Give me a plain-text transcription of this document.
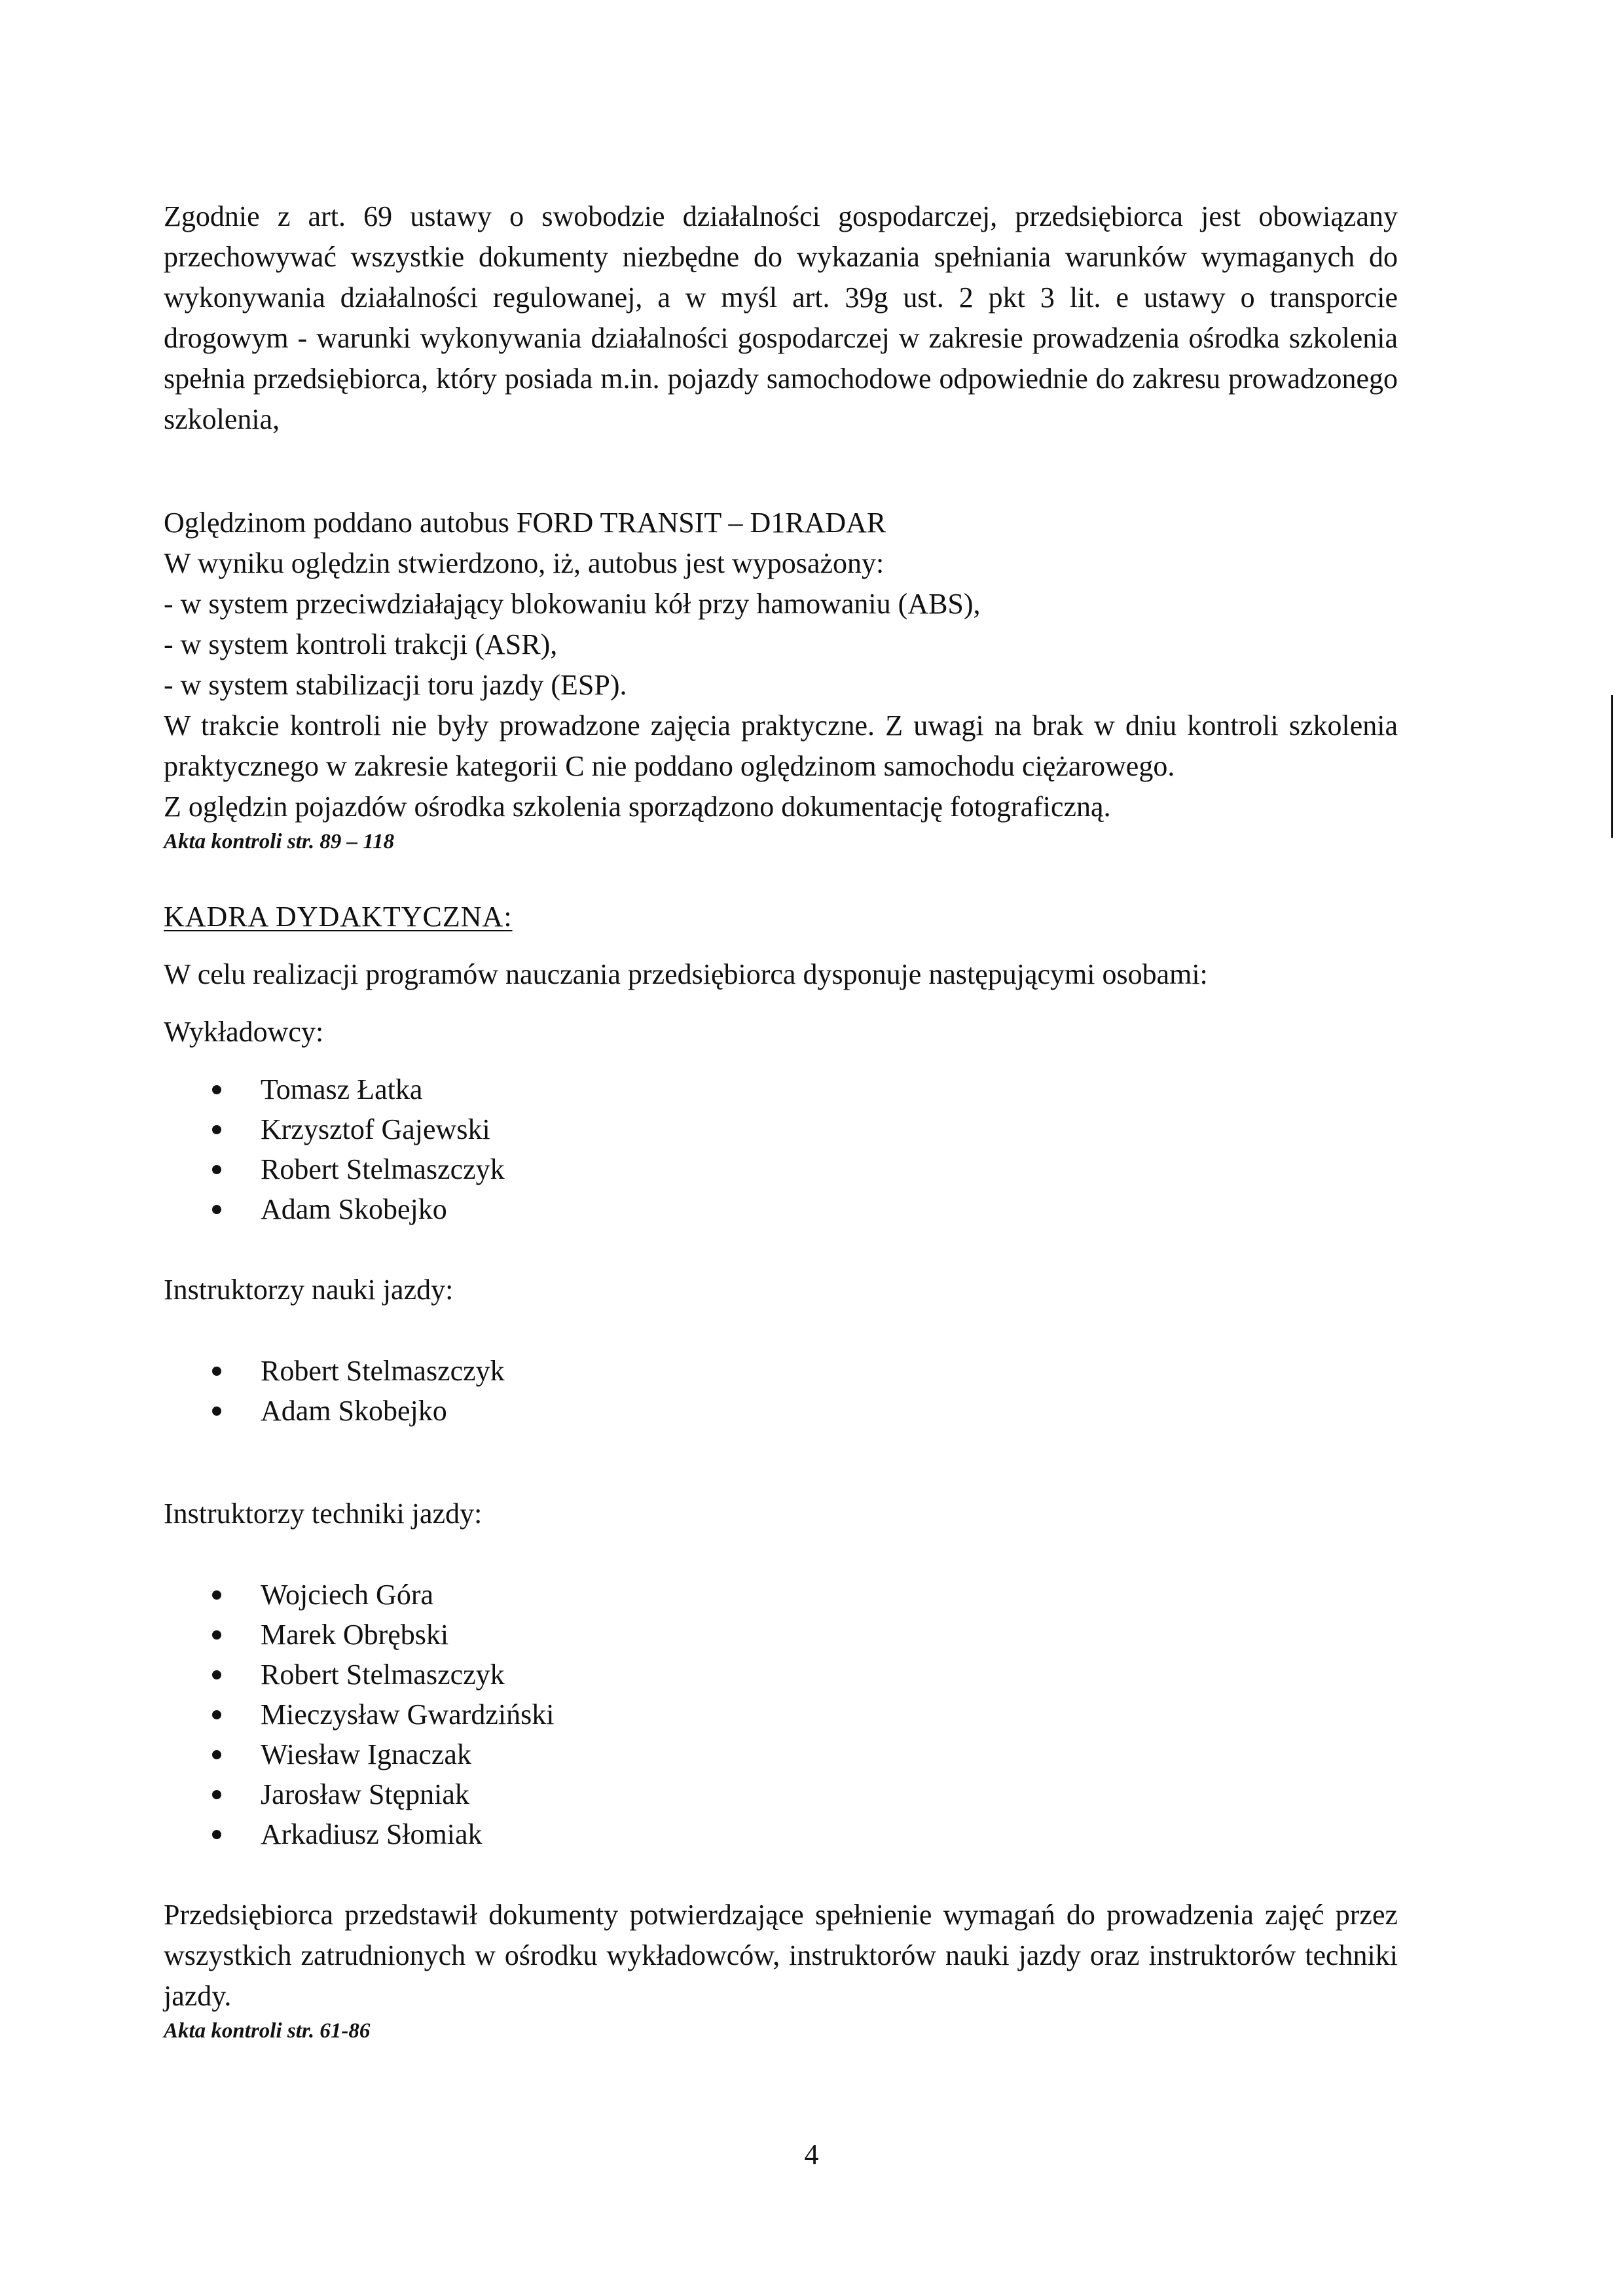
Zgodnie z art. 69 ustawy o swobodzie działalności gospodarczej, przedsiębiorca jest obowiązany przechowywać wszystkie dokumenty niezbędne do wykazania spełniania warunków wymaganych do wykonywania działalności regulowanej, a w myśl art. 39g ust. 2 pkt 3 lit. e ustawy o transporcie drogowym - warunki wykonywania działalności gospodarczej w zakresie prowadzenia ośrodka szkolenia spełnia przedsiębiorca, który posiada m.in. pojazdy samochodowe odpowiednie do zakresu prowadzonego szkolenia,

Oględzinom poddano autobus FORD TRANSIT – D1RADAR

W wyniku oględzin stwierdzono, iż, autobus jest wyposażony:

- w system przeciwdziałający blokowaniu kół przy hamowaniu (ABS),

- w system kontroli trakcji (ASR),

- w system stabilizacji toru jazdy (ESP).

W trakcie kontroli nie były prowadzone zajęcia praktyczne. Z uwagi na brak w dniu kontroli szkolenia praktycznego w zakresie kategorii C nie poddano oględzinom samochodu ciężarowego.

Z oględzin pojazdów ośrodka szkolenia sporządzono dokumentację fotograficzną.

Akta kontroli str. 89 – 118

KADRA DYDAKTYCZNA:

W celu realizacji programów nauczania przedsiębiorca dysponuje następującymi osobami:

Wykładowcy:

Tomasz Łatka
Krzysztof Gajewski
Robert Stelmaszczyk
Adam Skobejko

Instruktorzy nauki jazdy:

Robert Stelmaszczyk
Adam Skobejko

Instruktorzy techniki jazdy:

Wojciech Góra
Marek Obrębski
Robert Stelmaszczyk
Mieczysław Gwardziński
Wiesław Ignaczak
Jarosław Stępniak
Arkadiusz Słomiak

Przedsiębiorca przedstawił dokumenty potwierdzające spełnienie wymagań do prowadzenia zajęć przez wszystkich zatrudnionych w ośrodku wykładowców, instruktorów nauki jazdy oraz instruktorów techniki jazdy.

Akta kontroli str. 61-86

4
